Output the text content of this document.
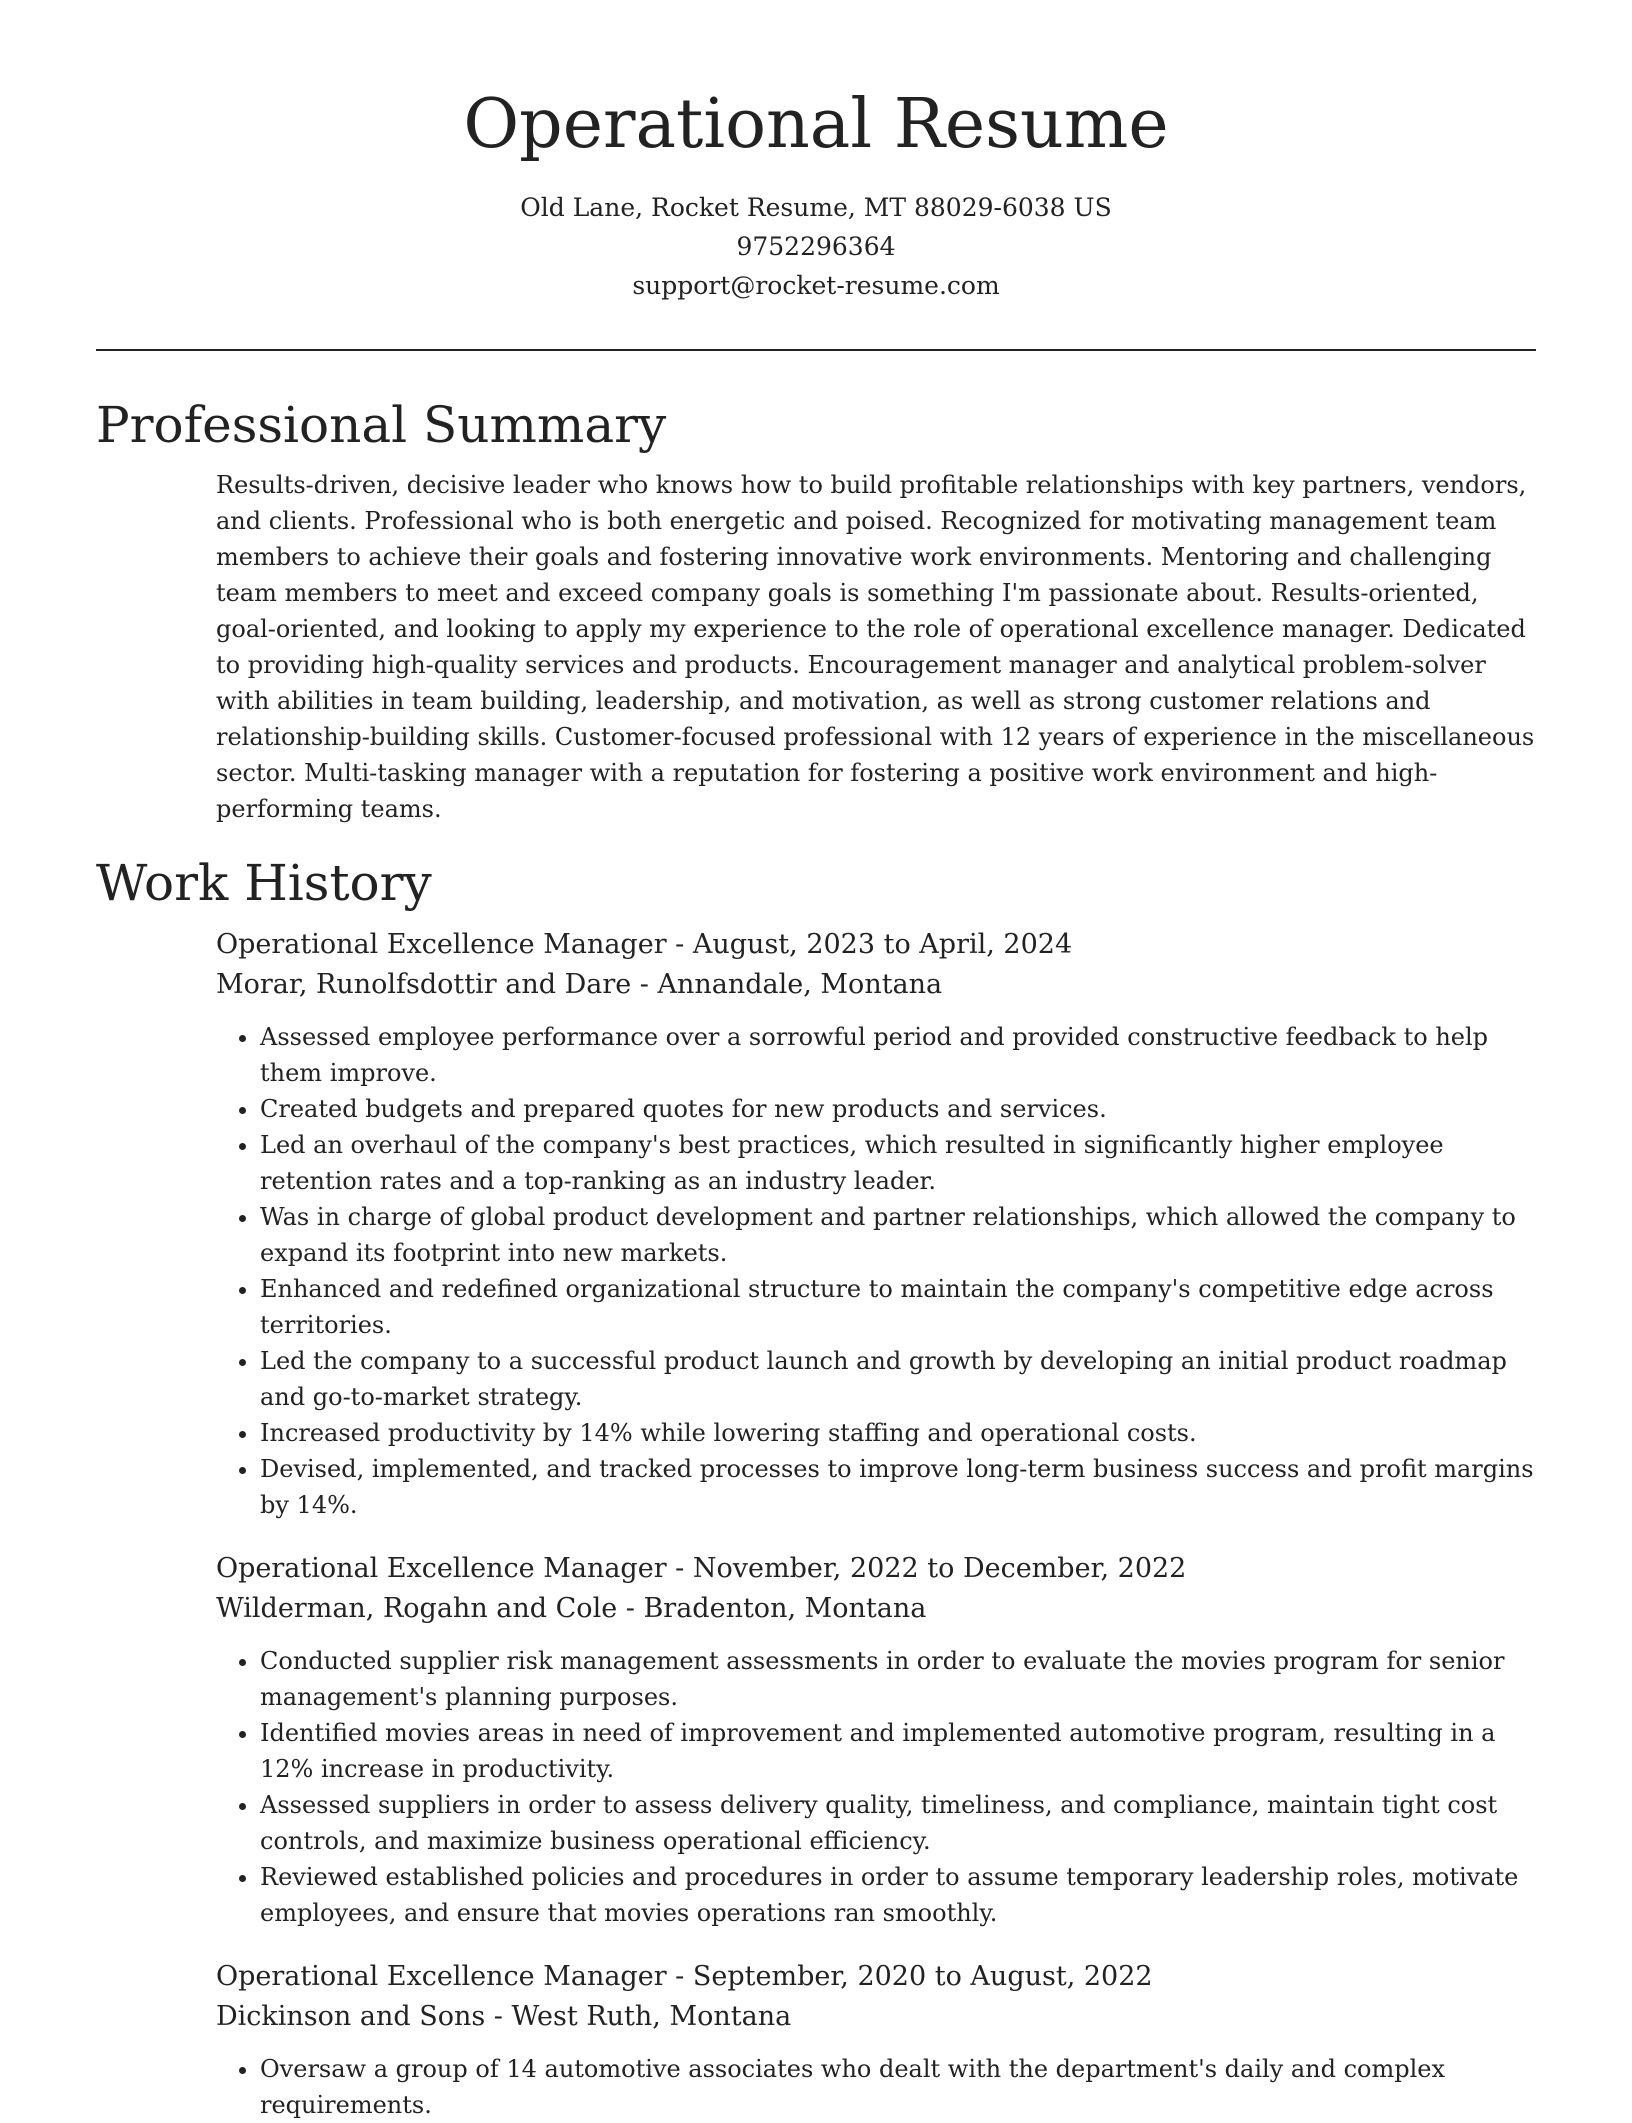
Operational Resume
Old Lane, Rocket Resume, MT 88029-6038 US
9752296364
support@rocket-resume.com
Professional Summary

Results-driven, decisive leader who knows how to build profitable relationships with key partners, vendors, and clients. Professional who is both energetic and poised. Recognized for motivating management team members to achieve their goals and fostering innovative work environments. Mentoring and challenging team members to meet and exceed company goals is something I'm passionate about. Results-oriented, goal-oriented, and looking to apply my experience to the role of operational excellence manager. Dedicated to providing high-quality services and products. Encouragement manager and analytical problem-solver with abilities in team building, leadership, and motivation, as well as strong customer relations and relationship-building skills. Customer-focused professional with 12 years of experience in the miscellaneous sector. Multi-tasking manager with a reputation for fostering a positive work environment and high-performing teams.

Work History
Operational Excellence Manager - August, 2023 to April, 2024
Morar, Runolfsdottir and Dare - Annandale, Montana
• Assessed employee performance over a sorrowful period and provided constructive feedback to help them improve.
• Created budgets and prepared quotes for new products and services.
• Led an overhaul of the company's best practices, which resulted in significantly higher employee retention rates and a top-ranking as an industry leader.
• Was in charge of global product development and partner relationships, which allowed the company to expand its footprint into new markets.
• Enhanced and redefined organizational structure to maintain the company's competitive edge across territories.
• Led the company to a successful product launch and growth by developing an initial product roadmap and go-to-market strategy.
• Increased productivity by 14% while lowering staffing and operational costs.
• Devised, implemented, and tracked processes to improve long-term business success and profit margins by 14%.
Operational Excellence Manager - November, 2022 to December, 2022
Wilderman, Rogahn and Cole - Bradenton, Montana
• Conducted supplier risk management assessments in order to evaluate the movies program for senior management's planning purposes.
• Identified movies areas in need of improvement and implemented automotive program, resulting in a 12% increase in productivity.
• Assessed suppliers in order to assess delivery quality, timeliness, and compliance, maintain tight cost controls, and maximize business operational efficiency.
• Reviewed established policies and procedures in order to assume temporary leadership roles, motivate employees, and ensure that movies operations ran smoothly.
Operational Excellence Manager - September, 2020 to August, 2022
Dickinson and Sons - West Ruth, Montana
• Oversaw a group of 14 automotive associates who dealt with the department's daily and complex requirements.
